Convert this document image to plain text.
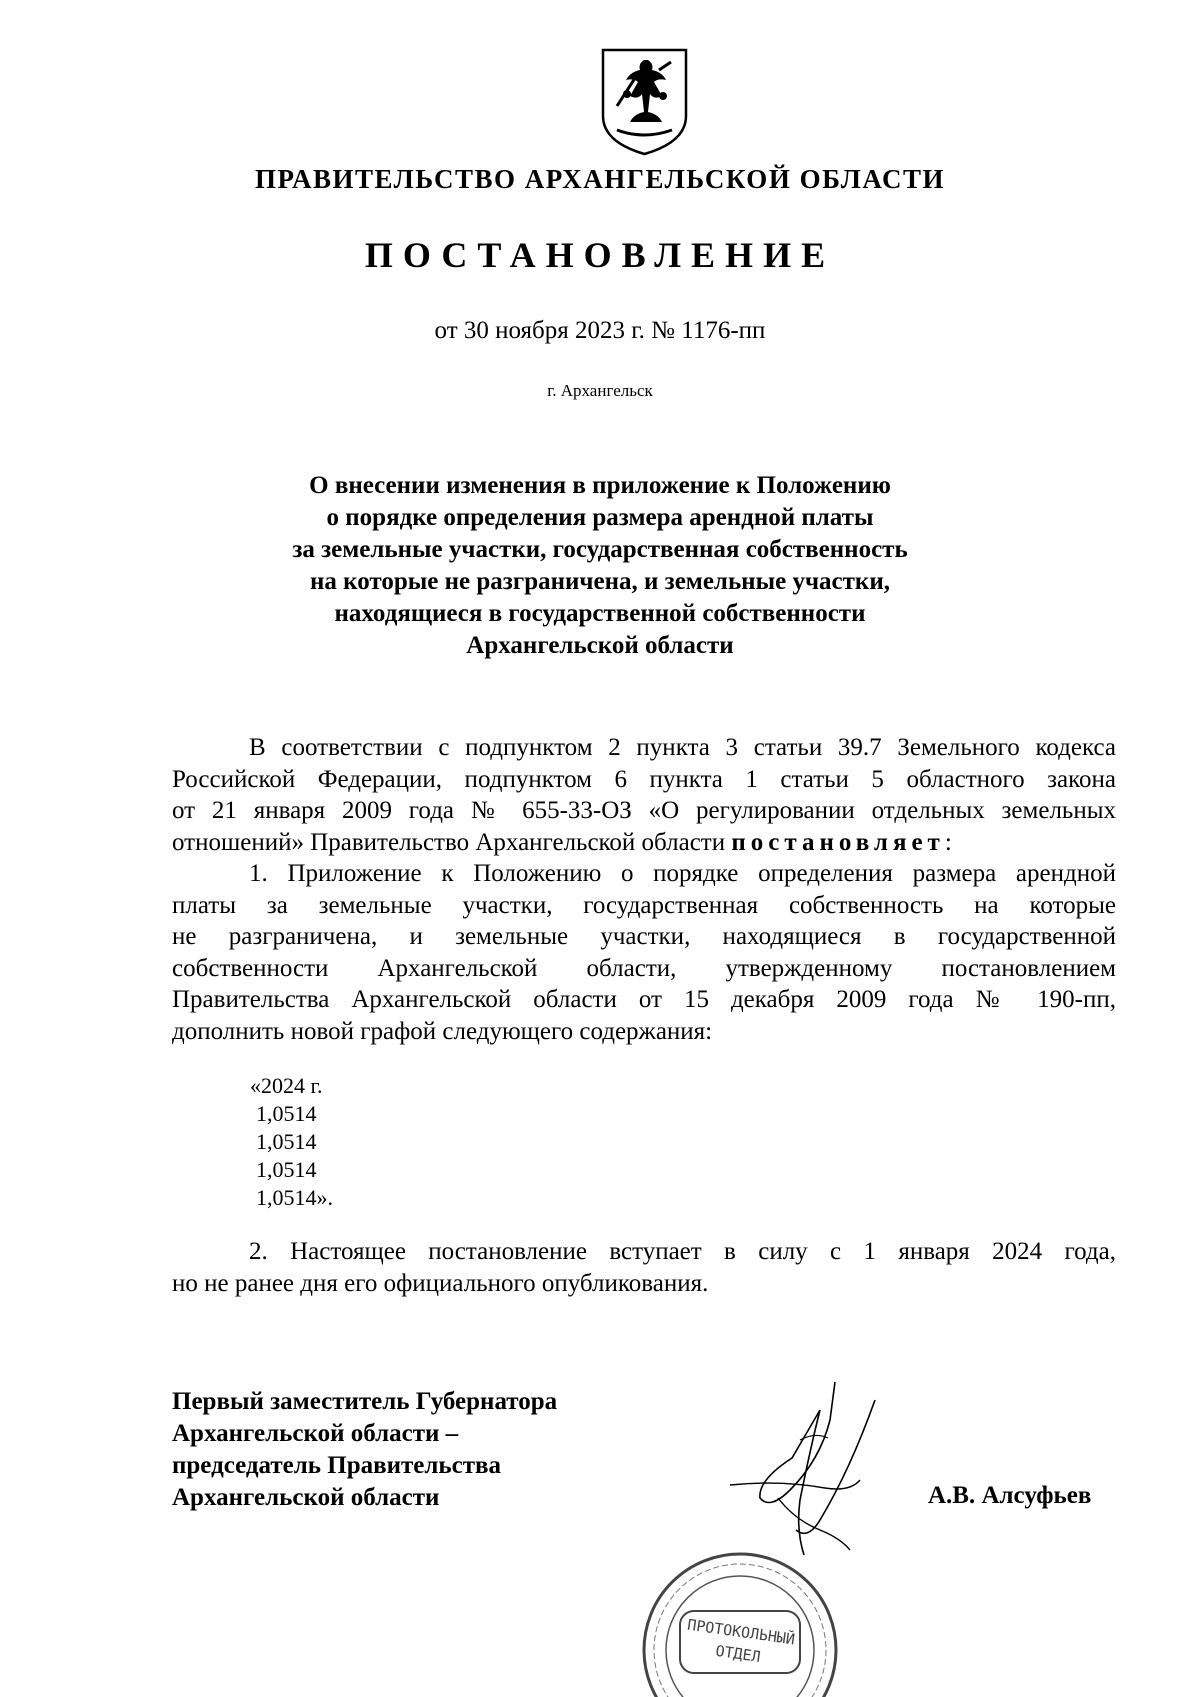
ПРАВИТЕЛЬСТВО АРХАНГЕЛЬСКОЙ ОБЛАСТИ
ПОСТАНОВЛЕНИЕ
от 30 ноября 2023 г. № 1176-пп
г. Архангельск
О внесении изменения в приложение к Положению
о порядке определения размера арендной платы
за земельные участки, государственная собственность
на которые не разграничена, и земельные участки,
находящиеся в государственной собственности
Архангельской области
В соответствии с подпунктом 2 пункта 3 статьи 39.7 Земельного кодекса
Российской Федерации, подпунктом 6 пункта 1 статьи 5 областного закона
от 21 января 2009 года № 655-33-ОЗ «О регулировании отдельных земельных
отношений» Правительство Архангельской области постановляет:
1. Приложение к Положению о порядке определения размера арендной
платы за земельные участки, государственная собственность на которые
не разграничена, и земельные участки, находящиеся в государственной
собственности Архангельской области, утвержденному постановлением
Правительства Архангельской области от 15 декабря 2009 года № 190-пп,
дополнить новой графой следующего содержания:
«2024 г.
1,0514
1,0514
1,0514
1,0514».
2. Настоящее постановление вступает в силу с 1 января 2024 года,
но не ранее дня его официального опубликования.
Первый заместитель Губернатора
Архангельской области –
председатель Правительства
Архангельской области	А.В. Алсуфьев
ПРОТОКОЛЬНЫЙ
ОТДЕЛ
